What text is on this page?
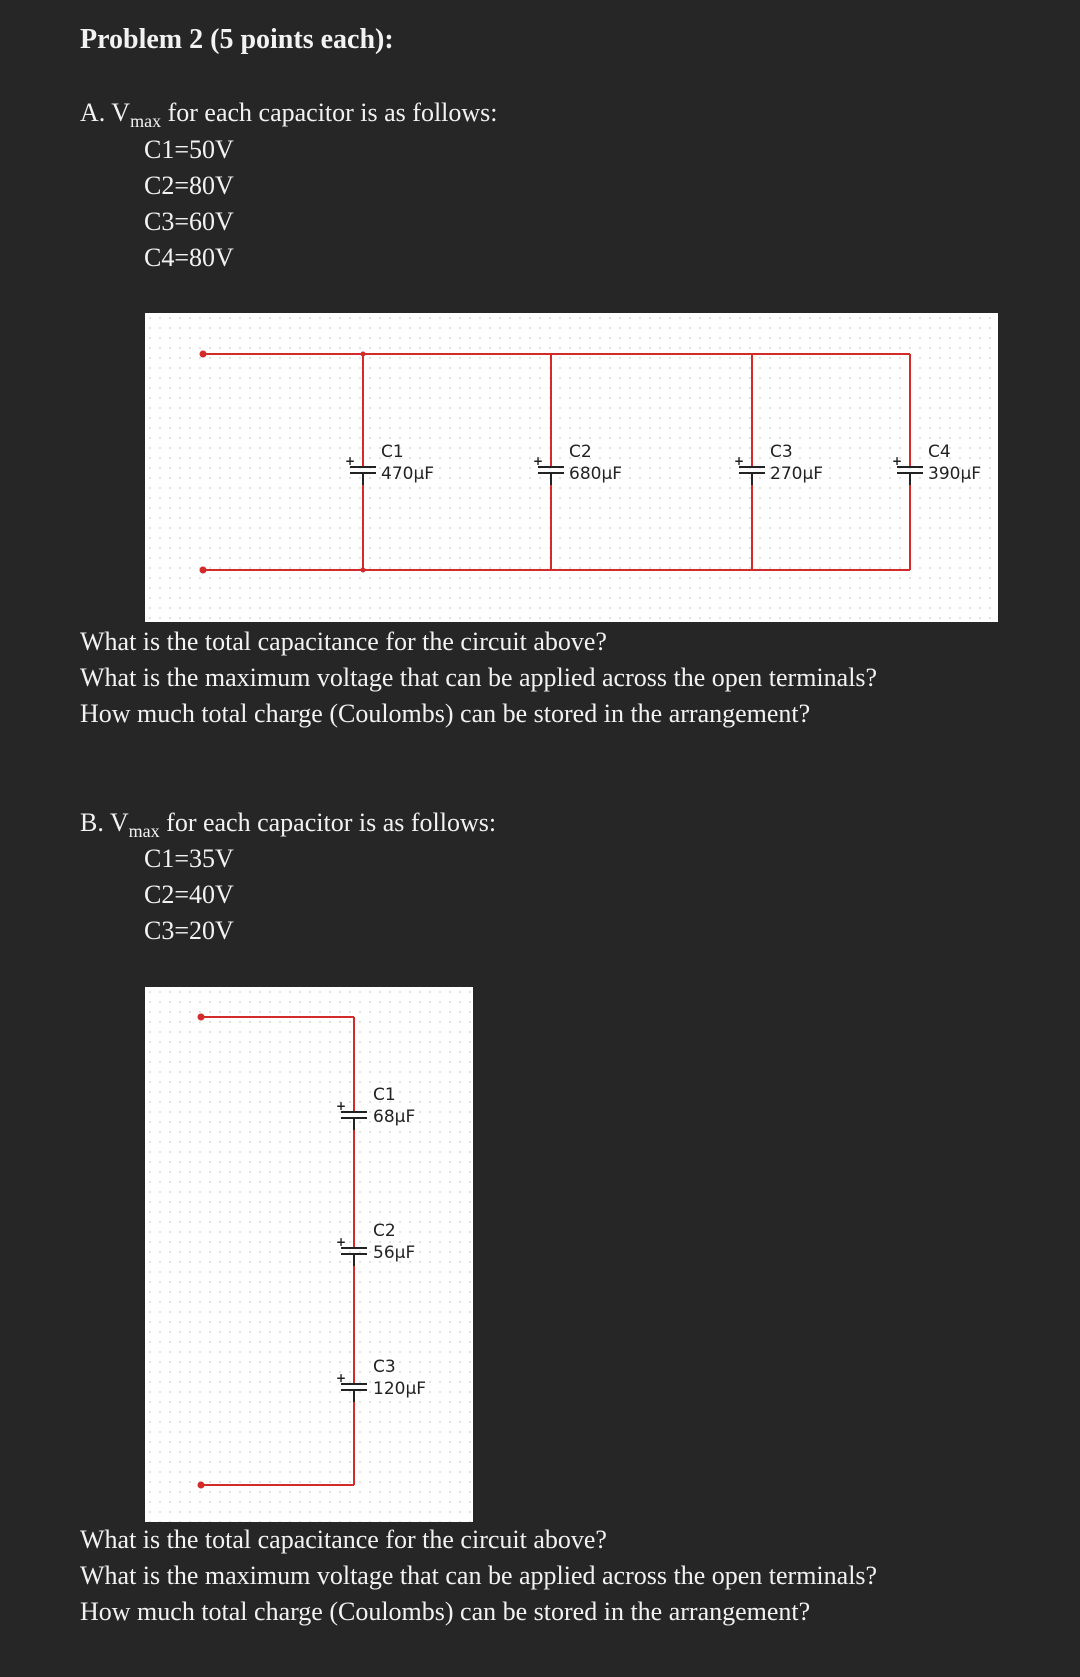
Problem 2 (5 points each):
A. $V_{max}$ for each capacitor is as follows:
C1=50V
C2=80V
C3=60V
C4=80V
+ C1
470μF
+ C2
680μF
+ C3
270μF
+ C4
390μF
What is the total capacitance for the circuit above?
What is the maximum voltage that can be applied across the open terminals?
How much total charge (Coulombs) can be stored in the arrangement?
B. $V_{max}$ for each capacitor is as follows:
C1=35V
C2=40V
C3=20V
+
C1
68μF
+
C2
56μF
+
C3
120μF
What is the total capacitance for the circuit above?
What is the maximum voltage that can be applied across the open terminals?
How much total charge (Coulombs) can be stored in the arrangement?
